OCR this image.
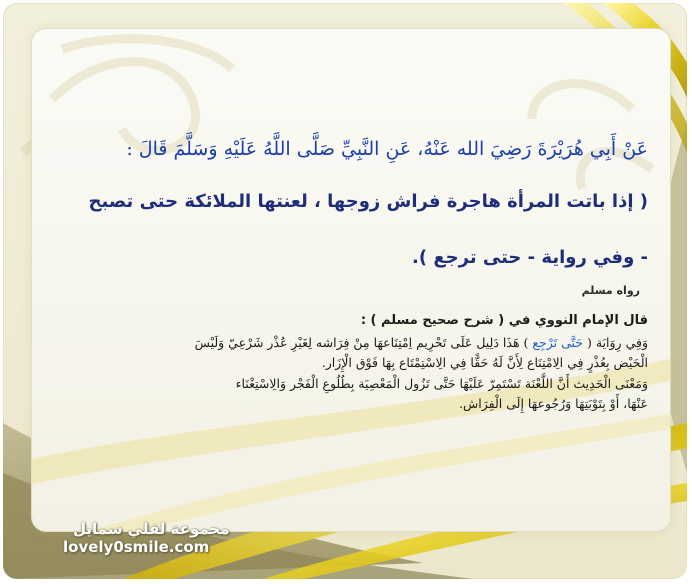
عَنْ أَبِي هُرَيْرَةَ رَضِيَ الله عَنْهُ، عَنِ النَّبِيِّ صَلَّى اللَّهُ عَلَيْهِ وَسَلَّمَ قَالَ :
( إذا باتت المرأة هاجرة فراش زوجها ، لعنتها الملائكة حتى تصبح
- وفي رواية - حتى ترجع ).
رواه مسلم
قال الإمام النووي في ( شرح صحيح مسلم ) :
وَفِي رِوَايَة ( حَتَّى تَرْجِع ) هَذَا دَلِيل عَلَى تَحْرِيم اِمْتِنَاعهَا مِنْ فِرَاشه لِغَيْرِ عُذْر شَرْعِيّ وَلَيْسَ
الْحَيْض بِعُذْرٍ فِي الِامْتِنَاع لِأَنَّ لَهُ حَقًّا فِي الِاسْتِمْتَاع بِهَا فَوْق الْإِزَار.
وَمَعْنَى الْحَدِيث أَنَّ اللَّعْنَة تَسْتَمِرّ عَلَيْهَا حَتَّى تَزُول الْمَعْصِيَة بِطُلُوعِ الْفَجْر وَالِاسْتِغْنَاء
عَنْهَا، أَوْ بِتَوْبَتِهَا وَرُجُوعهَا إِلَى الْفِرَاش.
مجموعة لفلي سمايل
lovely0smile.com
